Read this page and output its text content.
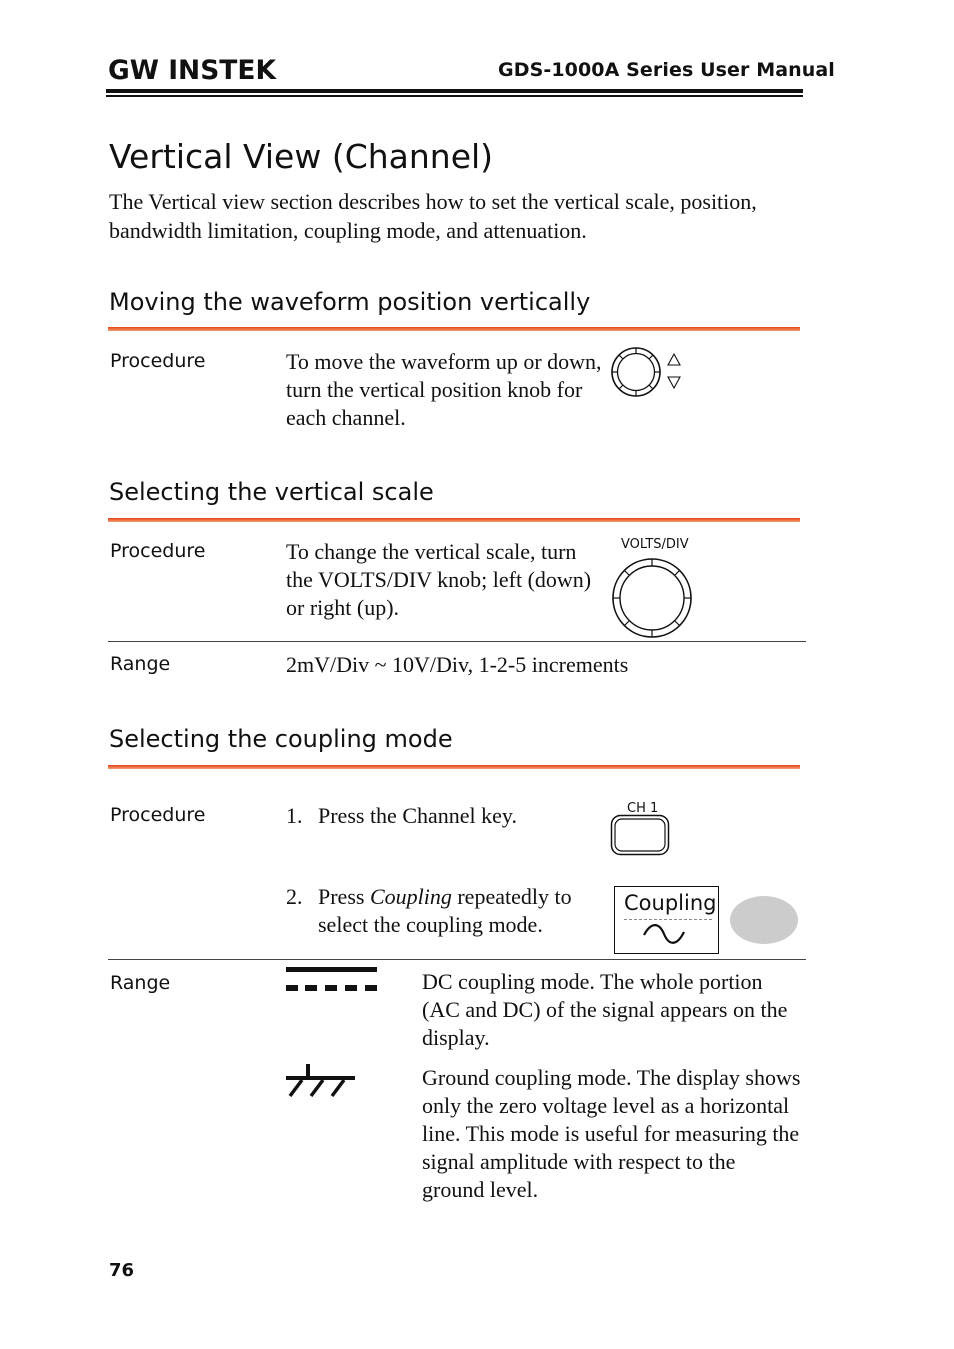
GW INSTEK	GDS-1000A Series User Manual
Vertical View (Channel)
The Vertical view section describes how to set the vertical scale, position, bandwidth limitation, coupling mode, and attenuation.
Moving the waveform position vertically
Procedure	To move the waveform up or down, turn the vertical position knob for each channel.
Selecting the vertical scale
Procedure	To change the vertical scale, turn the VOLTS/DIV knob; left (down) or right (up).
VOLTS/DIV
Range	2mV/Div ~ 10V/Div, 1-2-5 increments
Selecting the coupling mode
Procedure	1. Press the Channel key.	CH 1
2. Press Coupling repeatedly to select the coupling mode.
Coupling
Range	DC coupling mode. The whole portion (AC and DC) of the signal appears on the display.
Ground coupling mode. The display shows only the zero voltage level as a horizontal line. This mode is useful for measuring the signal amplitude with respect to the ground level.
76
